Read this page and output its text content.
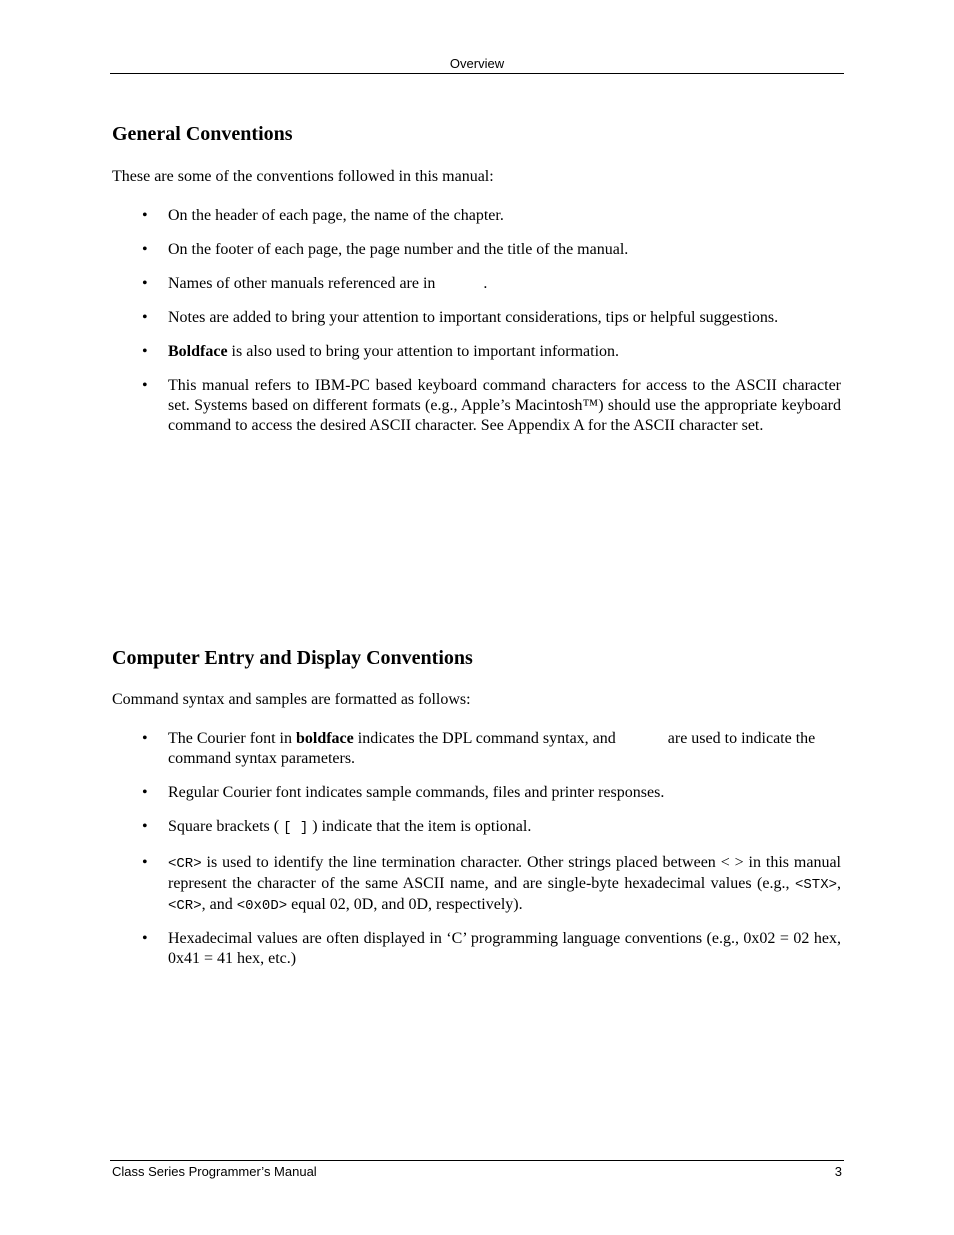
Overview
General Conventions

These are some of the conventions followed in this manual:

• On the header of each page, the name of the chapter.
• On the footer of each page, the page number and the title of the manual.
• Names of other manuals referenced are in	.
• Notes are added to bring your attention to important considerations, tips or helpful suggestions.
• Boldface is also used to bring your attention to important information.
• This manual refers to IBM-PC based keyboard command characters for access to the ASCII character set. Systems based on different formats (e.g., Apple’s Macintosh™) should use the appropriate keyboard command to access the desired ASCII character. See Appendix A for the ASCII character set.
Computer Entry and Display Conventions

Command syntax and samples are formatted as follows:

• The Courier font in boldface indicates the DPL command syntax, and	are used to indicate the command syntax parameters.
• Regular Courier font indicates sample commands, files and printer responses.
• Square brackets ( [ ] ) indicate that the item is optional.
• <CR> is used to identify the line termination character. Other strings placed between < > in this manual represent the character of the same ASCII name, and are single-byte hexadecimal values (e.g., <STX>, <CR>, and <0x0D> equal 02, 0D, and 0D, respectively).
• Hexadecimal values are often displayed in ‘C’ programming language conventions (e.g., 0x02 = 02 hex, 0x41 = 41 hex, etc.)
Class Series Programmer’s Manual	3
